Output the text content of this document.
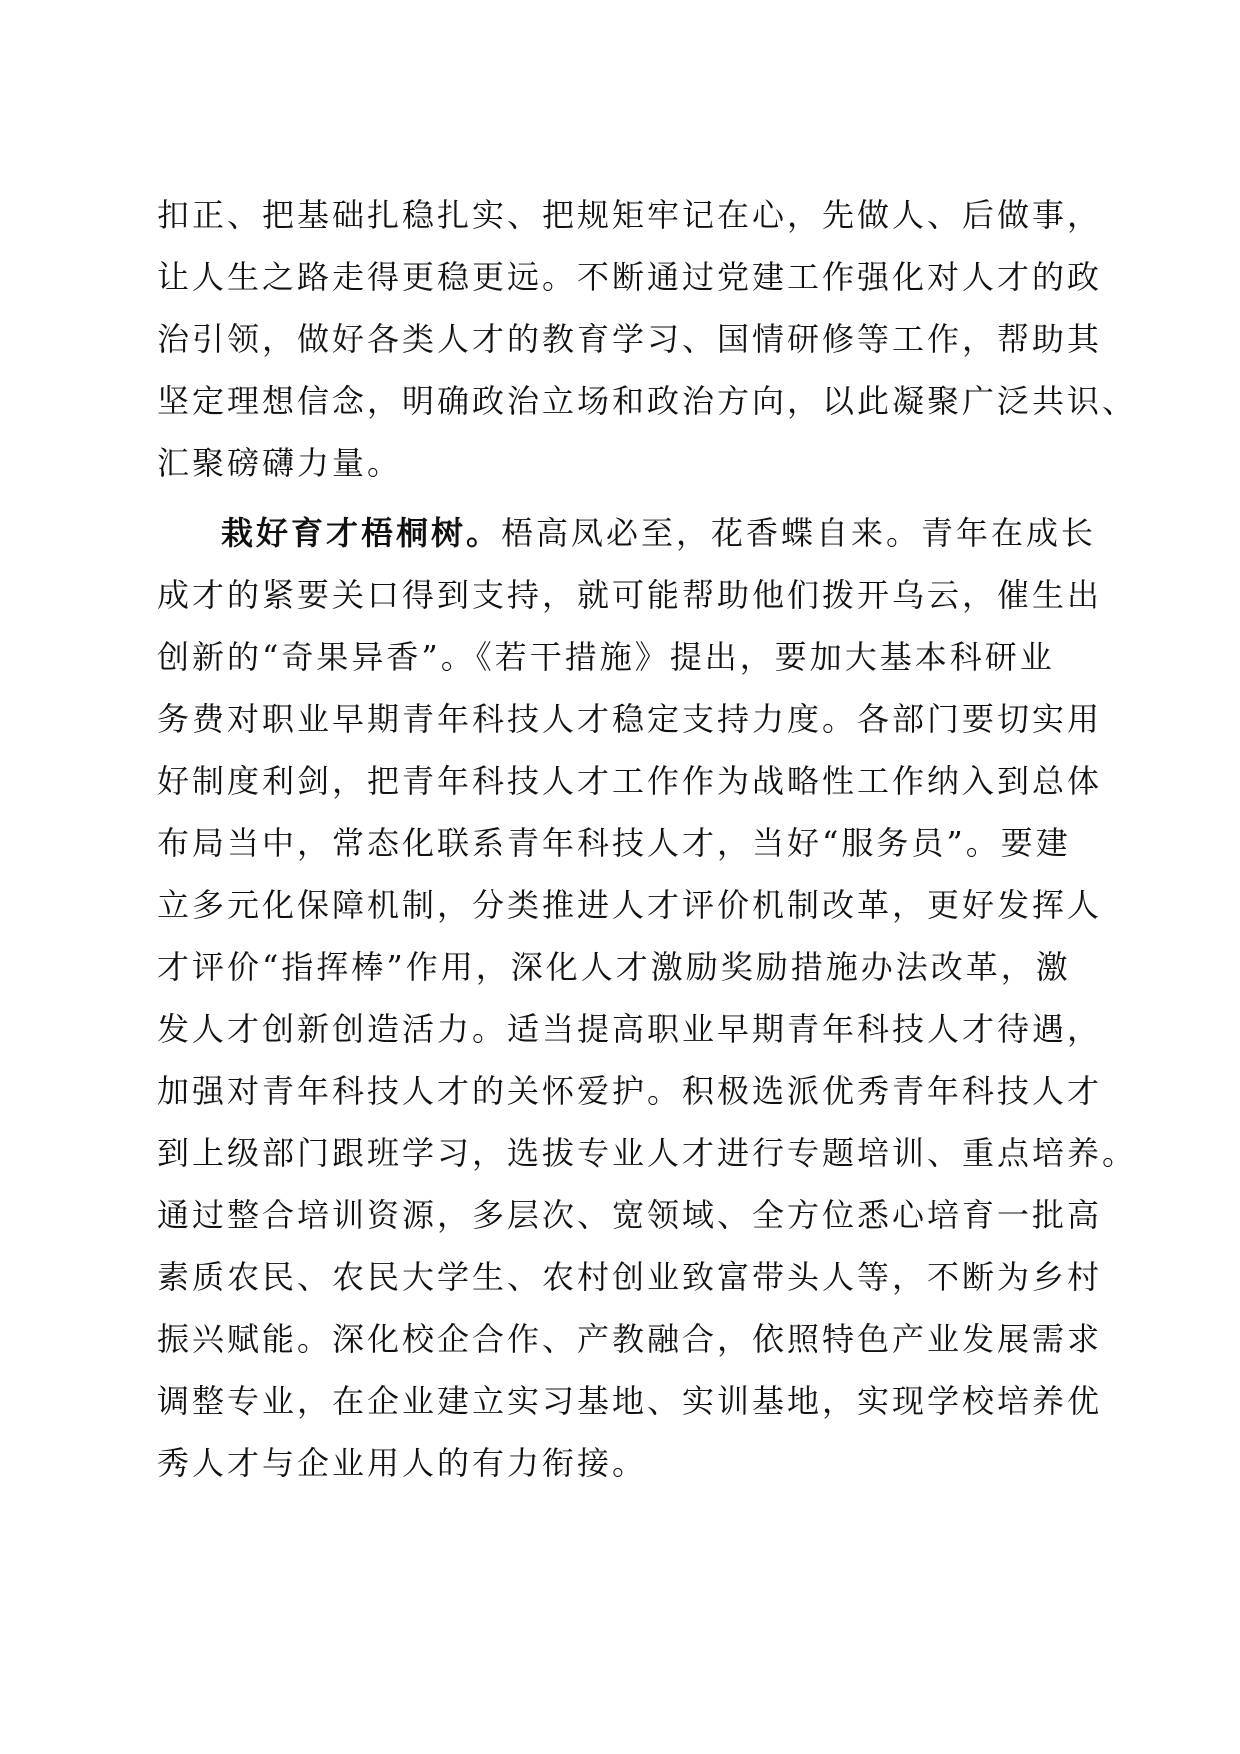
扣正、把基础扎稳扎实、把规矩牢记在心，先做人、后做事，
让人生之路走得更稳更远。不断通过党建工作强化对人才的政
治引领，做好各类人才的教育学习、国情研修等工作，帮助其
坚定理想信念，明确政治立场和政治方向，以此凝聚广泛共识、
汇聚磅礴力量。
栽好育才梧桐树。梧高凤必至，花香蝶自来。青年在成长
成才的紧要关口得到支持，就可能帮助他们拨开乌云，催生出
创新的“奇果异香”。《若干措施》提出，要加大基本科研业
务费对职业早期青年科技人才稳定支持力度。各部门要切实用
好制度利剑，把青年科技人才工作作为战略性工作纳入到总体
布局当中，常态化联系青年科技人才，当好“服务员”。要建
立多元化保障机制，分类推进人才评价机制改革，更好发挥人
才评价“指挥棒”作用，深化人才激励奖励措施办法改革，激
发人才创新创造活力。适当提高职业早期青年科技人才待遇，
加强对青年科技人才的关怀爱护。积极选派优秀青年科技人才
到上级部门跟班学习，选拔专业人才进行专题培训、重点培养。
通过整合培训资源，多层次、宽领域、全方位悉心培育一批高
素质农民、农民大学生、农村创业致富带头人等，不断为乡村
振兴赋能。深化校企合作、产教融合，依照特色产业发展需求
调整专业，在企业建立实习基地、实训基地，实现学校培养优
秀人才与企业用人的有力衔接。
